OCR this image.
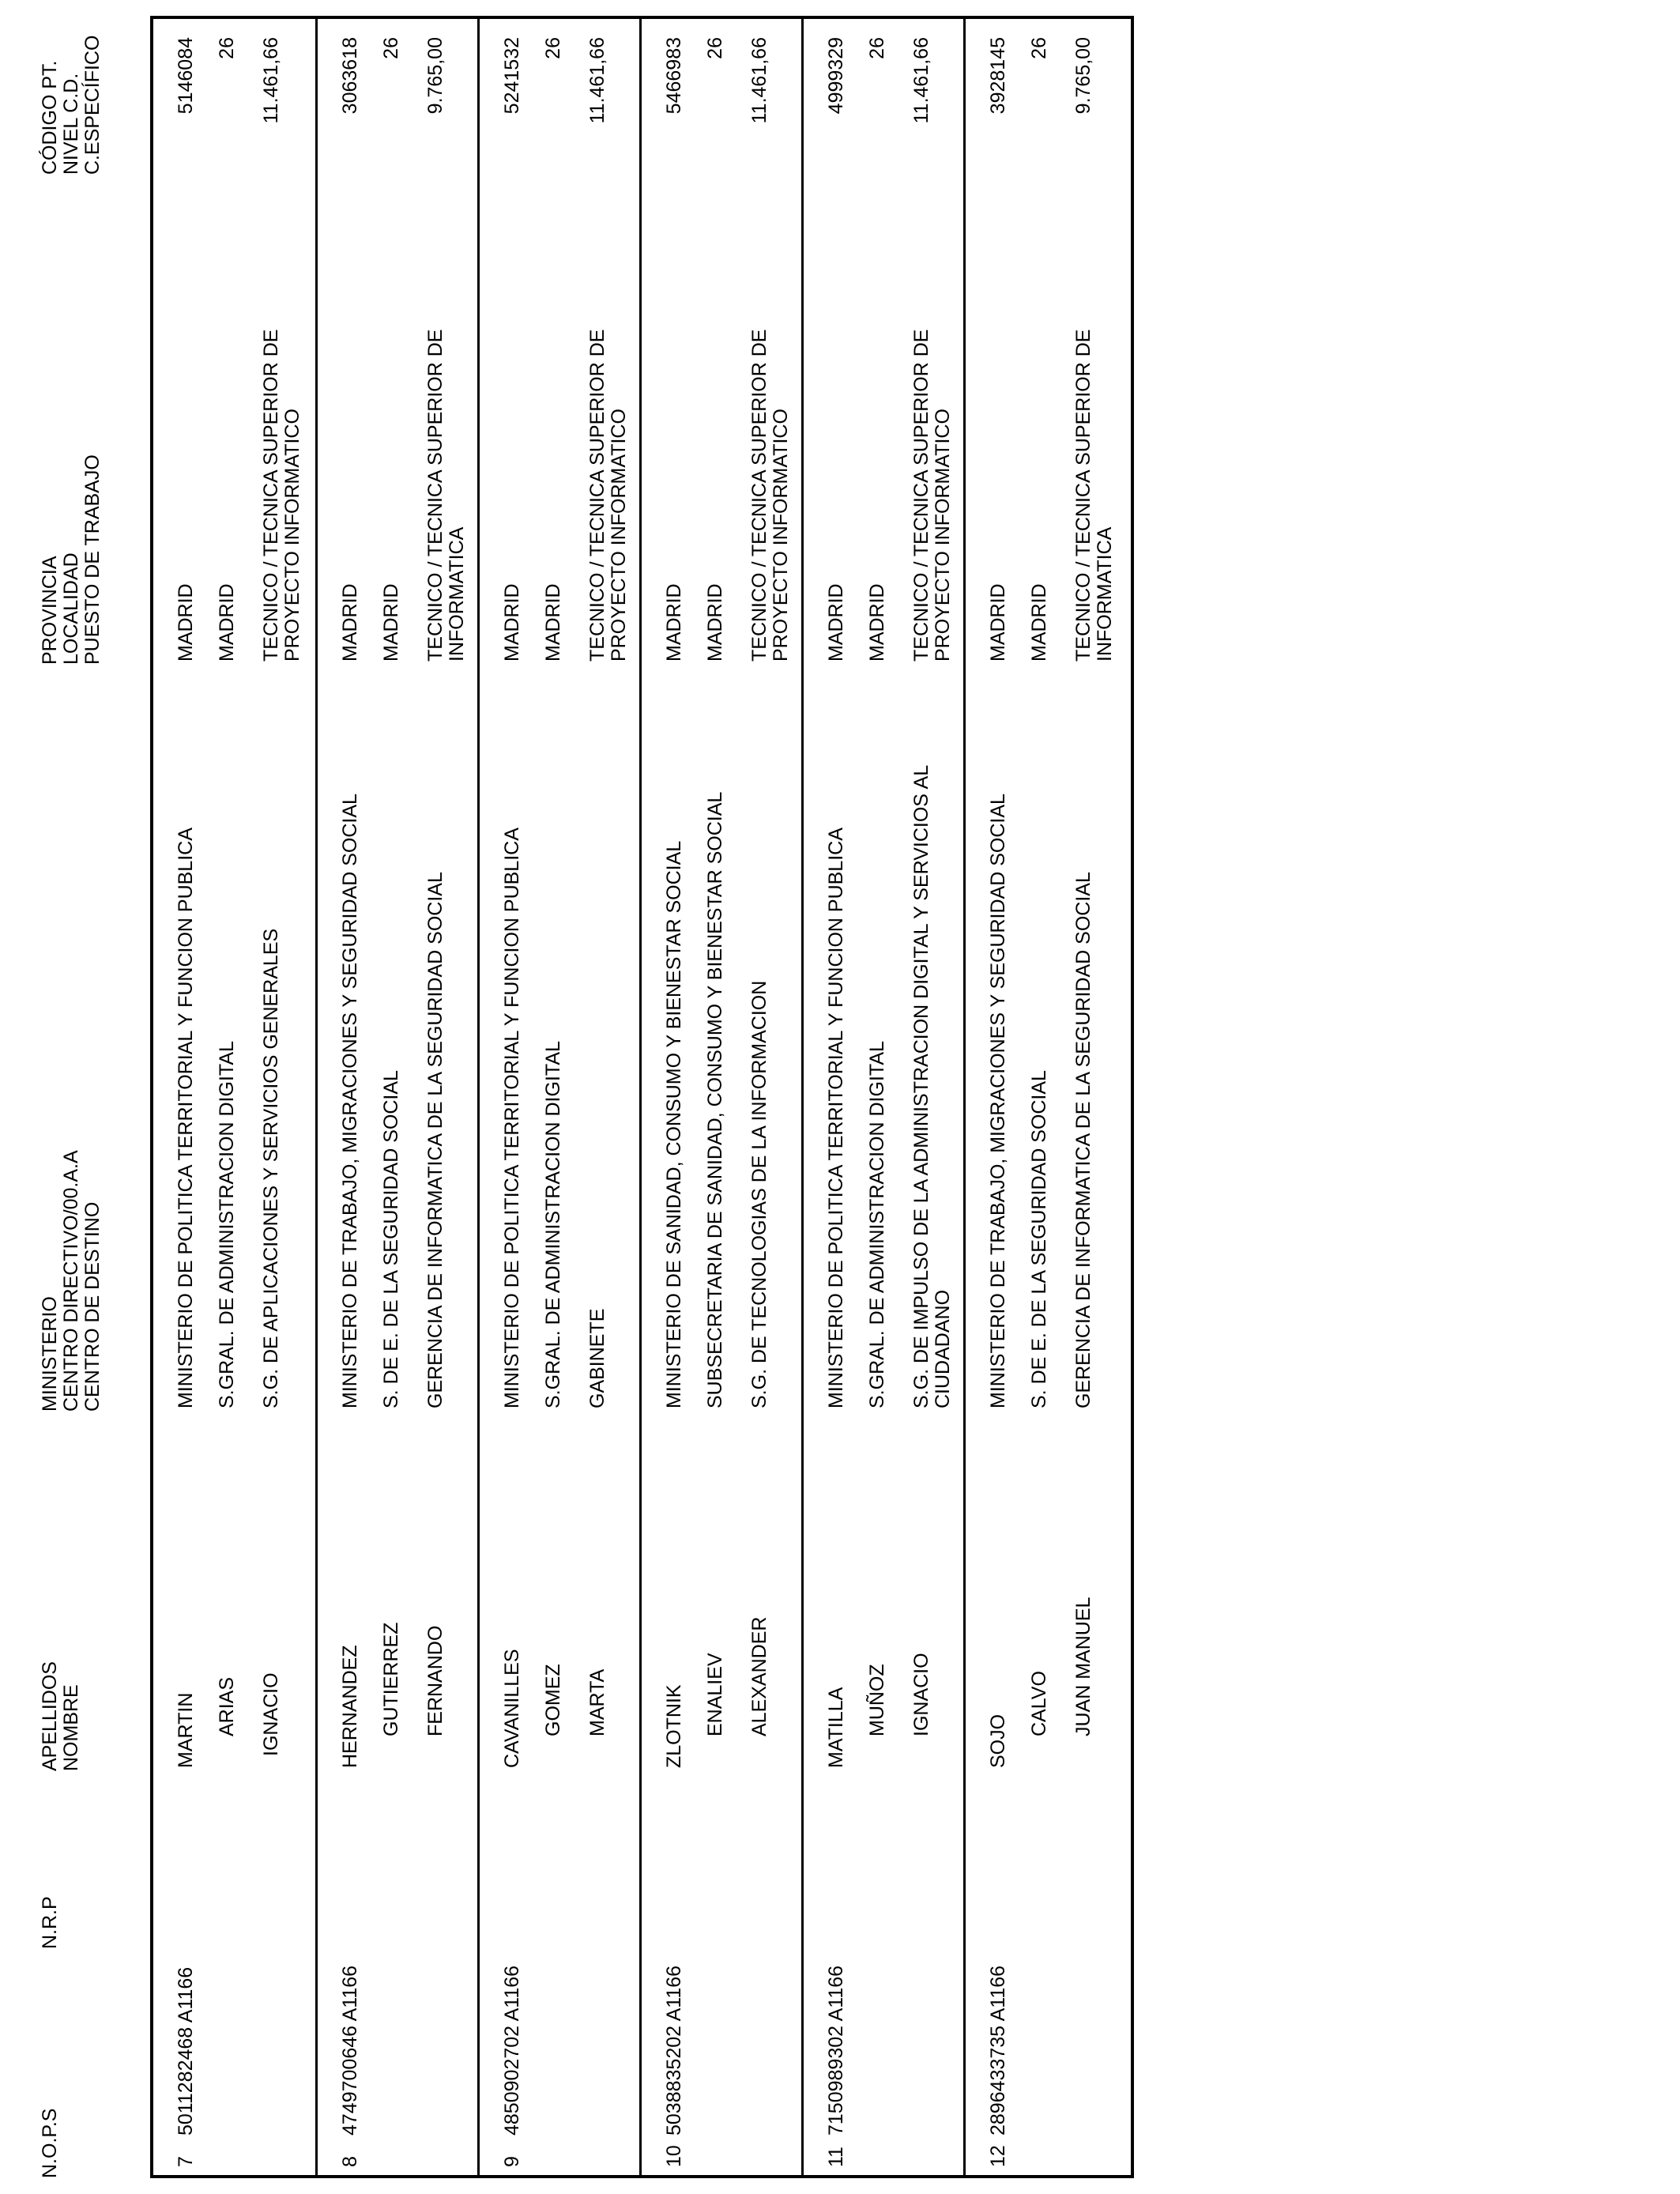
N.O.P.S
N.R.P
APELLIDOS NOMBRE
MINISTERIO CENTRO DIRECTIVO/00.A.A CENTRO DE DESTINO
PROVINCIA LOCALIDAD PUESTO DE TRABAJO
CÓDIGO PT. NIVEL C.D. C.ESPECÍFICO
7
5011282468 A1166
MARTIN ARIAS IGNACIO
MINISTERIO DE POLITICA TERRITORIAL Y FUNCION PUBLICA S.GRAL. DE ADMINISTRACION DIGITAL S.G. DE APLICACIONES Y SERVICIOS GENERALES
MADRID MADRID TECNICO / TECNICA SUPERIOR DE PROYECTO INFORMATICO
5146084 26 11.461,66
8
4749700646 A1166
HERNANDEZ GUTIERREZ FERNANDO
MINISTERIO DE TRABAJO, MIGRACIONES Y SEGURIDAD SOCIAL S. DE E. DE LA SEGURIDAD SOCIAL GERENCIA DE INFORMATICA DE LA SEGURIDAD SOCIAL
MADRID MADRID TECNICO / TECNICA SUPERIOR DE INFORMATICA
3063618 26 9.765,00
9
4850902702 A1166
CAVANILLES GOMEZ MARTA
MINISTERIO DE POLITICA TERRITORIAL Y FUNCION PUBLICA S.GRAL. DE ADMINISTRACION DIGITAL GABINETE
MADRID MADRID TECNICO / TECNICA SUPERIOR DE PROYECTO INFORMATICO
5241532 26 11.461,66
10
5038835202 A1166
ZLOTNIK ENALIEV ALEXANDER
MINISTERIO DE SANIDAD, CONSUMO Y BIENESTAR SOCIAL SUBSECRETARIA DE SANIDAD, CONSUMO Y BIENESTAR SOCIAL S.G. DE TECNOLOGIAS DE LA INFORMACION
MADRID MADRID TECNICO / TECNICA SUPERIOR DE PROYECTO INFORMATICO
5466983 26 11.461,66
11
7150989302 A1166
MATILLA MUÑOZ IGNACIO
MINISTERIO DE POLITICA TERRITORIAL Y FUNCION PUBLICA S.GRAL. DE ADMINISTRACION DIGITAL S.G. DE IMPULSO DE LA ADMINISTRACION DIGITAL Y SERVICIOS AL CIUDADANO
MADRID MADRID TECNICO / TECNICA SUPERIOR DE PROYECTO INFORMATICO
4999329 26 11.461,66
12
2896433735 A1166
SOJO
CALVO JUAN MANUEL
MINISTERIO DE TRABAJO, MIGRACIONES Y SEGURIDAD SOCIAL S. DE E. DE LA SEGURIDAD SOCIAL GERENCIA DE INFORMATICA DE LA SEGURIDAD SOCIAL
MADRID MADRID TECNICO / TECNICA SUPERIOR DE INFORMATICA
3928145 26 9.765,00
